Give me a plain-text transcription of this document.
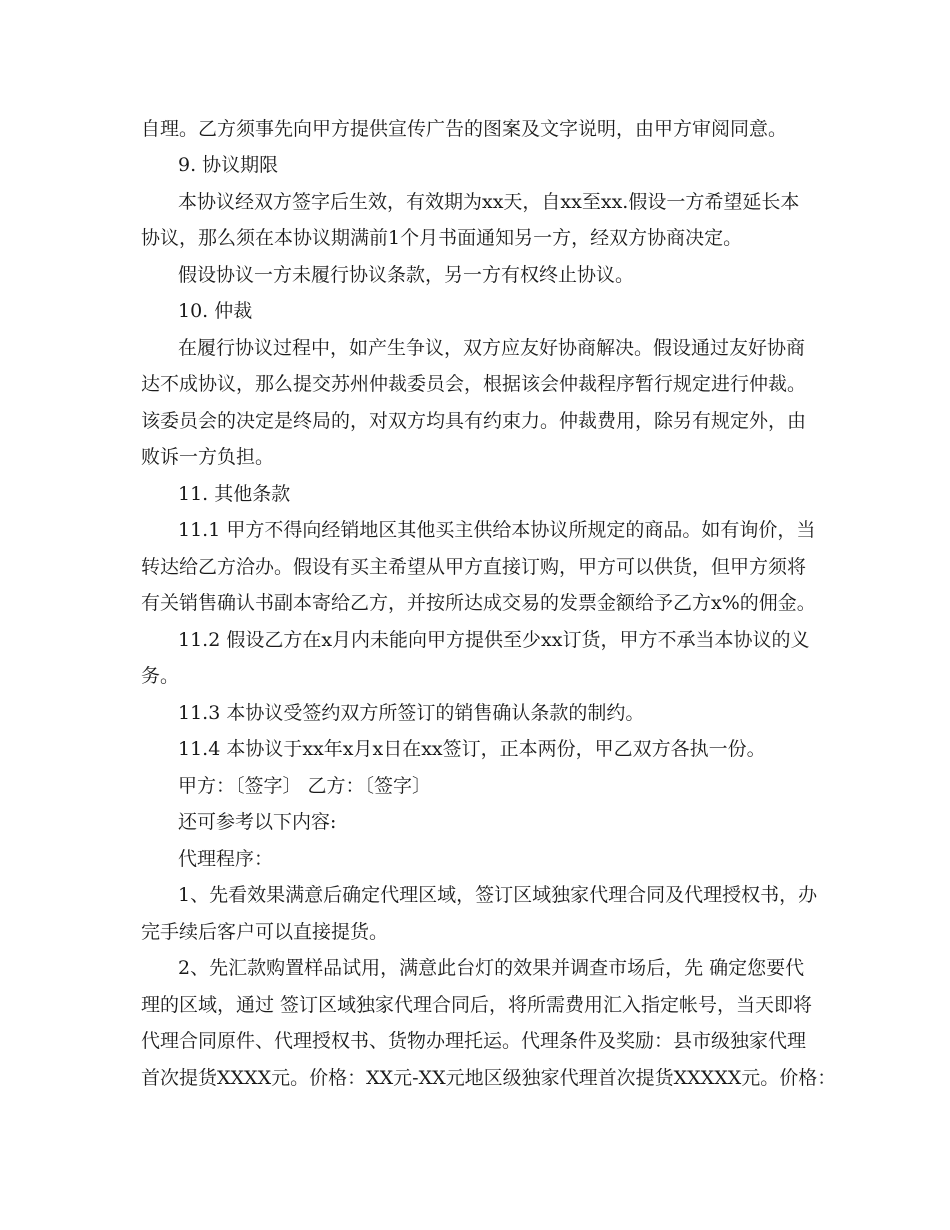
自理。乙方须事先向甲方提供宣传广告的图案及文字说明，由甲方审阅同意。
9. 协议期限
本协议经双方签字后生效，有效期为xx天，自xx至xx.假设一方希望延长本
协议，那么须在本协议期满前1个月书面通知另一方，经双方协商决定。
假设协议一方未履行协议条款，另一方有权终止协议。
10. 仲裁
在履行协议过程中，如产生争议，双方应友好协商解决。假设通过友好协商
达不成协议，那么提交苏州仲裁委员会，根据该会仲裁程序暂行规定进行仲裁。
该委员会的决定是终局的，对双方均具有约束力。仲裁费用，除另有规定外，由
败诉一方负担。
11. 其他条款
11.1 甲方不得向经销地区其他买主供给本协议所规定的商品。如有询价，当
转达给乙方洽办。假设有买主希望从甲方直接订购，甲方可以供货，但甲方须将
有关销售确认书副本寄给乙方，并按所达成交易的发票金额给予乙方x%的佣金。
11.2 假设乙方在x月内未能向甲方提供至少xx订货，甲方不承当本协议的义
务。
11.3 本协议受签约双方所签订的销售确认条款的制约。
11.4 本协议于xx年x月x日在xx签订，正本两份，甲乙双方各执一份。
甲方：〔签字〕 乙方：〔签字〕
还可参考以下内容:
代理程序：
1、先看效果满意后确定代理区域，签订区域独家代理合同及代理授权书，办
完手续后客户可以直接提货。
2、先汇款购置样品试用，满意此台灯的效果并调查市场后，先 确定您要代
理的区域，通过 签订区域独家代理合同后，将所需费用汇入指定帐号，当天即将
代理合同原件、代理授权书、货物办理托运。代理条件及奖励：县市级独家代理
首次提货XXXX元。价格：XX元-XX元地区级独家代理首次提货XXXXX元。价格：
